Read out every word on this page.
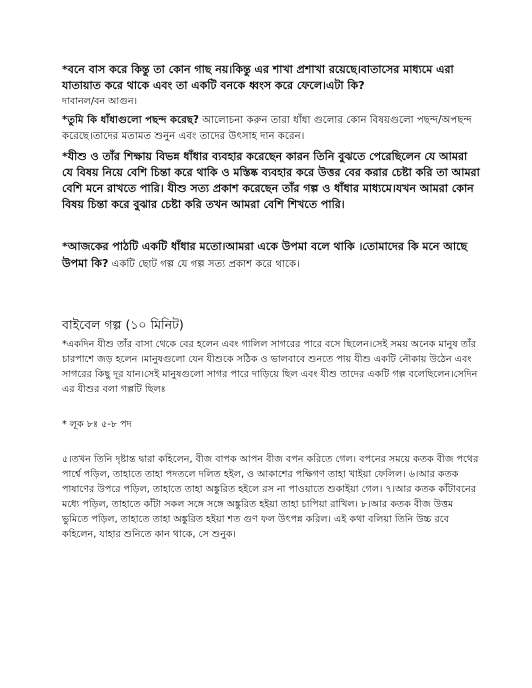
*বনে বাস করে কিন্তু তা কোন গাছ নয়।কিন্তু এর শাখা প্রশাখা রয়েছে।বাতাসের মাধ্যমে এরা যাতায়াত করে থাকে এবং তা একটি বনকে ধ্বংস করে ফেলে।এটা কি?

দাবানল/বন আগুন।

*তুমি কি ধাঁধাগুলো পছন্দ করেছ? আলোচনা করুন তারা ধাঁধা গুলোর কোন বিষয়গুলো পছন্দ/অপছন্দ করেছে।তাদের মতামত শুনুন এবং তাদের উৎসাহ দান করেন।

*যীশু ও তাঁর শিক্ষায় বিভন্ন ধাঁধার ব্যবহার করেছেন কারন তিনি বুঝতে পেরেছিলেন যে আমরা যে বিষয় নিয়ে বেশি চিন্তা করে থাকি ও মস্তিষ্ক ব্যবহার করে উত্তর বের করার চেষ্টা করি তা আমরা বেশি মনে রাখতে পারি। যীশু সত্য প্রকাশ করেছেন তাঁর গল্প ও ধাঁধার মাধ্যমে।যখন আমরা কোন বিষয় চিন্তা করে বুঝার চেষ্টা করি তখন আমরা বেশি শিখতে পারি।

*আজকের পাঠটি একটি ধাঁধার মতো।আমরা একে উপমা বলে থাকি ।তোমাদের কি মনে আছে উপমা কি? একটি ছোট গল্প যে গল্প সত্য প্রকাশ করে থাকে।

বাইবেল গল্প (১০ মিনিট)

*একদিন যীশু তাঁর বাসা থেকে বের হলেন এবং গালিল সাগরের পারে বসে ছিলেন।সেই সময় অনেক মানুষ তাঁর চারপাশে জড় হলেন ।মানুষগুলো যেন যীশুকে সঠিক ও ভালবাবে শুনতে পায় যীশু একটি নৌকায় উঠেন এবং সাগরের কিছু দূর যান।সেই মানুষগুলো সাগর পারে দাড়িয়ে ছিল এবং যীশু তাদের একটি গল্প বলেছিলেন।সেদিন এর যীশুর বলা গল্পটি ছিলঃ

* লূক ৮ঃ ৫-৮ পদ

৫।তখন তিনি দৃষ্টান্ত দ্বারা কহিলেন, বীজ বাপক আপন বীজ বপন করিতে গেল। বপনের সময়ে কতক বীজ পথের পার্শ্বে পড়িল, তাহাতে তাহা পদতলে দলিত হইল, ও আকাশের পক্ষিগণ তাহা খাইয়া ফেলিল। ৬।আর কতক পাষাণের উপরে পড়িল, তাহাতে তাহা অঙ্কুরিত হইলে রস না পাওয়াতে শুকাইয়া গেল। ৭।আর কতক কাঁটাবনের মধ্যে পড়িল, তাহাতে কাঁটা সকল সঙ্গে সঙ্গে অঙ্কুরিত হইয়া তাহা চাপিয়া রাখিল। ৮।আর কতক বীজ উত্তম ভুমিতে পড়িল, তাহাতে তাহা অঙ্কুরিত হইয়া শত গুণ ফল উৎপন্ন করিল। এই কথা বলিয়া তিনি উচ্চ রবে কহিলেন, যাহার শুনিতে কান থাকে, সে শুনুক।
